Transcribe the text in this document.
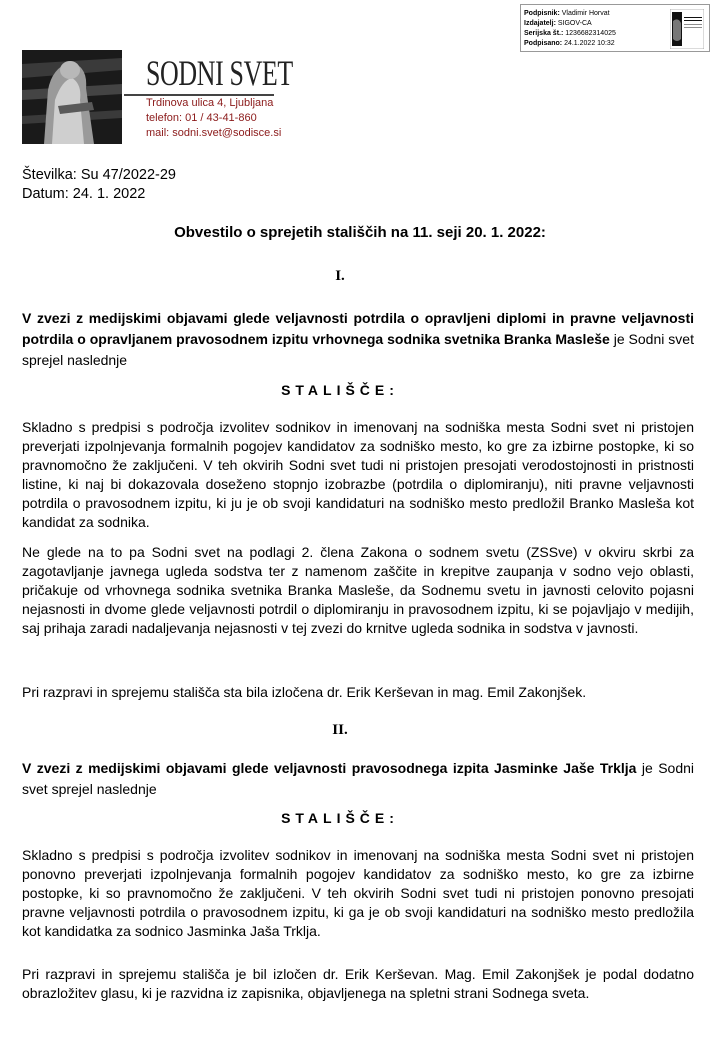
Podpisnik: Vladimir Horvat
Izdajatelj: SIGOV-CA
Serijska št.: 1236682314025
Podpisano: 24.1.2022 10:32
SODNI SVET
Trdinova ulica 4, Ljubljana
telefon: 01 / 43-41-860
mail: sodni.svet@sodisce.si
Številka: Su 47/2022-29
Datum: 24. 1. 2022
Obvestilo o sprejetih stališčih na 11. seji 20. 1. 2022:
I.
V zvezi z medijskimi objavami glede veljavnosti potrdila o opravljeni diplomi in pravne veljavnosti potrdila o opravljanem pravosodnem izpitu vrhovnega sodnika svetnika Branka Masleše je Sodni svet sprejel naslednje
STALIŠČE:
Skladno s predpisi s področja izvolitev sodnikov in imenovanj na sodniška mesta Sodni svet ni pristojen preverjati izpolnjevanja formalnih pogojev kandidatov za sodniško mesto, ko gre za izbirne postopke, ki so pravnomočno že zaključeni. V teh okvirih Sodni svet tudi ni pristojen presojati verodostojnosti in pristnosti listine, ki naj bi dokazovala doseženo stopnjo izobrazbe (potrdila o diplomiranju), niti pravne veljavnosti potrdila o pravosodnem izpitu, ki ju je ob svoji kandidaturi na sodniško mesto predložil Branko Masleša kot kandidat za sodnika.
Ne glede na to pa Sodni svet na podlagi 2. člena Zakona o sodnem svetu (ZSSve) v okviru skrbi za zagotavljanje javnega ugleda sodstva ter z namenom zaščite in krepitve zaupanja v sodno vejo oblasti, pričakuje od vrhovnega sodnika svetnika Branka Masleše, da Sodnemu svetu in javnosti celovito pojasni nejasnosti in dvome glede veljavnosti potrdil o diplomiranju in pravosodnem izpitu, ki se pojavljajo v medijih, saj prihaja zaradi nadaljevanja nejasnosti v tej zvezi do krnitve ugleda sodnika in sodstva v javnosti.
Pri razpravi in sprejemu stališča sta bila izločena dr. Erik Kerševan in mag. Emil Zakonjšek.
II.
V zvezi z medijskimi objavami glede veljavnosti pravosodnega izpita Jasminke Jaše Trklja je Sodni svet sprejel naslednje
STALIŠČE:
Skladno s predpisi s področja izvolitev sodnikov in imenovanj na sodniška mesta Sodni svet ni pristojen ponovno preverjati izpolnjevanja formalnih pogojev kandidatov za sodniško mesto, ko gre za izbirne postopke, ki so pravnomočno že zaključeni. V teh okvirih Sodni svet tudi ni pristojen ponovno presojati pravne veljavnosti potrdila o pravosodnem izpitu, ki ga je ob svoji kandidaturi na sodniško mesto predložila kot kandidatka za sodnico Jasminka Jaša Trklja.
Pri razpravi in sprejemu stališča je bil izločen dr. Erik Kerševan. Mag. Emil Zakonjšek je podal dodatno obrazložitev glasu, ki je razvidna iz zapisnika, objavljenega na spletni strani Sodnega sveta.
